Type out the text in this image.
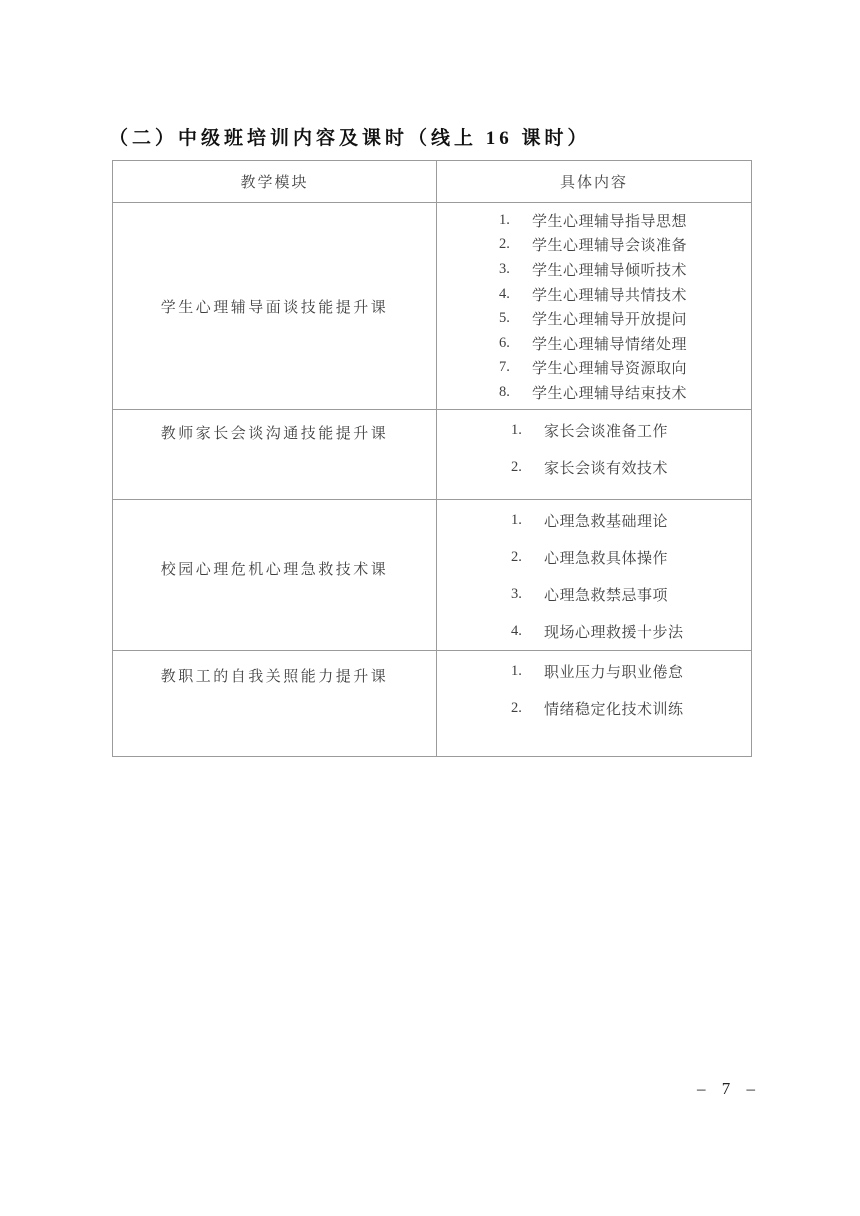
（二）中级班培训内容及课时（线上 16 课时）
教学模块	具体内容
学生心理辅导面谈技能提升课	
1.	学生心理辅导指导思想
2.	学生心理辅导会谈准备
3.	学生心理辅导倾听技术
4.	学生心理辅导共情技术
5.	学生心理辅导开放提问
6.	学生心理辅导情绪处理
7.	学生心理辅导资源取向
8.	学生心理辅导结束技术

教师家长会谈沟通技能提升课	1.	家长会谈准备工作
2.	家长会谈有效技术

校园心理危机心理急救技术课	
1.	心理急救基础理论
2.	心理急救具体操作
3.	心理急救禁忌事项
4.	现场心理救援十步法

教职工的自我关照能力提升课	1.	职业压力与职业倦怠
2.	情绪稳定化技术训练
– 7 –
